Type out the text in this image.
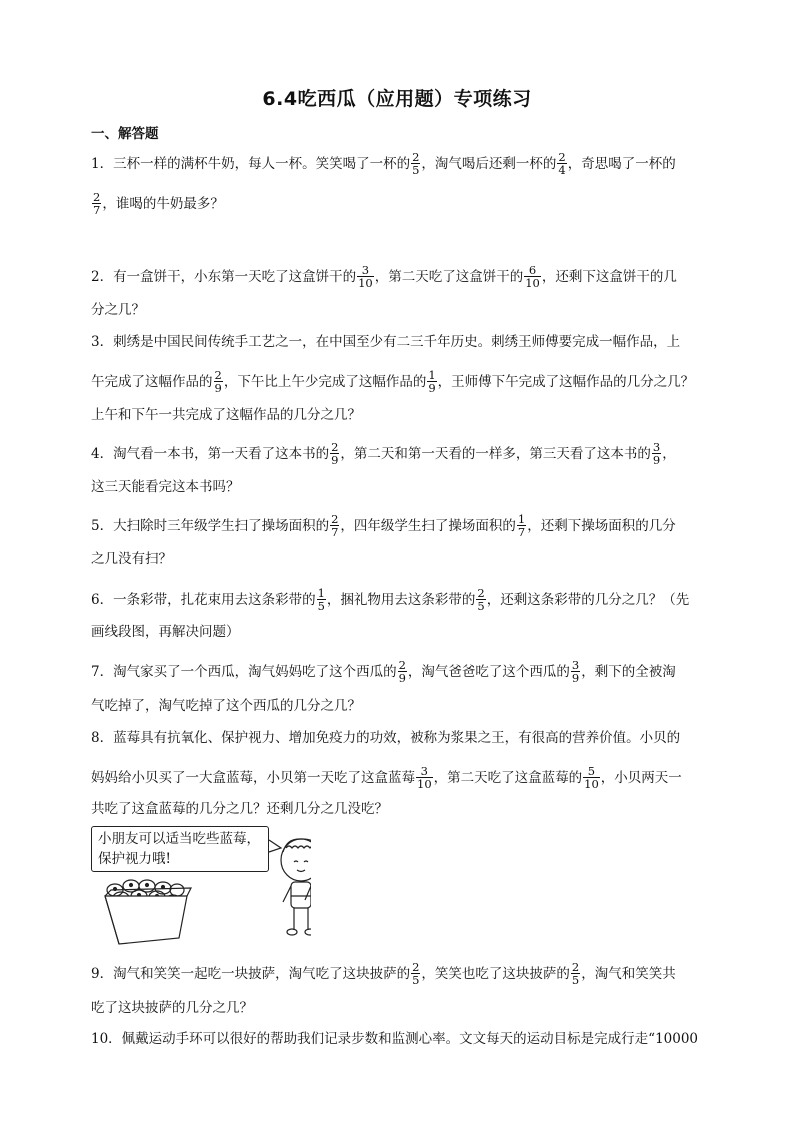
6.4吃西瓜（应用题）专项练习
一、解答题
1．三杯一样的满杯牛奶，每人一杯。笑笑喝了一杯的 $\frac{2}{5}$ ，淘气喝后还剩一杯的 $\frac{2}{4}$ ，奇思喝了一杯的
$\frac{2}{7}$ ，谁喝的牛奶最多？
2．有一盒饼干，小东第一天吃了这盒饼干的 $\frac{3}{10}$ ，第二天吃了这盒饼干的 $\frac{6}{10}$ ，还剩下这盒饼干的几
分之几？
3．刺绣是中国民间传统手工艺之一，在中国至少有二三千年历史。刺绣王师傅要完成一幅作品，上
午完成了这幅作品的 $\frac{2}{9}$ ，下午比上午少完成了这幅作品的 $\frac{1}{9}$ ，王师傅下午完成了这幅作品的几分之几？
上午和下午一共完成了这幅作品的几分之几？
4．淘气看一本书，第一天看了这本书的 $\frac{2}{9}$ ，第二天和第一天看的一样多，第三天看了这本书的 $\frac{3}{9}$ ，
这三天能看完这本书吗？
5．大扫除时三年级学生扫了操场面积的 $\frac{2}{7}$ ，四年级学生扫了操场面积的 $\frac{1}{7}$ ，还剩下操场面积的几分
之几没有扫？
6．一条彩带，扎花束用去这条彩带的 $\frac{1}{5}$ ，捆礼物用去这条彩带的 $\frac{2}{5}$ ，还剩这条彩带的几分之几？（先
画线段图，再解决问题）
7．淘气家买了一个西瓜，淘气妈妈吃了这个西瓜的 $\frac{2}{9}$ ，淘气爸爸吃了这个西瓜的 $\frac{3}{9}$ ，剩下的全被淘
气吃掉了，淘气吃掉了这个西瓜的几分之几？
8．蓝莓具有抗氧化、保护视力、增加免疫力的功效，被称为浆果之王，有很高的营养价值。小贝的
妈妈给小贝买了一大盒蓝莓，小贝第一天吃了这盒蓝莓 $\frac{3}{10}$ ，第二天吃了这盒蓝莓的 $\frac{5}{10}$ ，小贝两天一
共吃了这盒蓝莓的几分之几？还剩几分之几没吃？
小朋友可以适当吃些蓝莓，
保护视力哦!
9．淘气和笑笑一起吃一块披萨，淘气吃了这块披萨的 $\frac{2}{5}$ ，笑笑也吃了这块披萨的 $\frac{2}{5}$ ，淘气和笑笑共
吃了这块披萨的几分之几？
10．佩戴运动手环可以很好的帮助我们记录步数和监测心率。文文每天的运动目标是完成行走“10000
